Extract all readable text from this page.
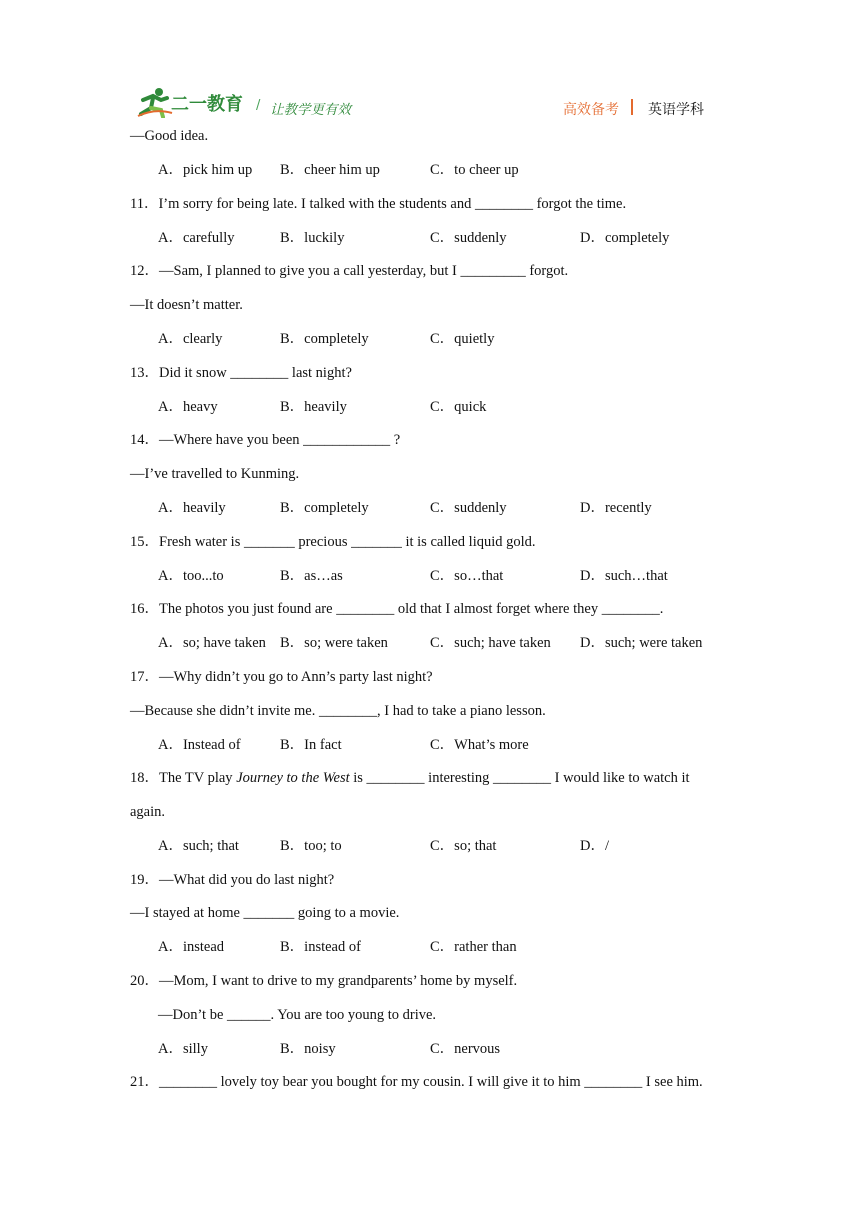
二一教育 / 让教学更有效	高效备考 英语学科
—Good idea.
A．pick him up B．cheer him up	C．to cheer up
11．I’m sorry for being late. I talked with the students and ________ forgot the time.
A．carefully	B．luckily	C．suddenly	D．completely
12．—Sam, I planned to give you a call yesterday, but I _________ forgot.
—It doesn’t matter.
A．clearly	B．completely	C．quietly
13．Did it snow ________ last night?
A．heavy	B．heavily	C．quick
14．—Where have you been ____________ ?
—I’ve travelled to Kunming.
A．heavily	B．completely	C．suddenly	D．recently
15．Fresh water is _______ precious _______ it is called liquid gold.
A．too...to	B．as…as	C．so…that	D．such…that
16．The photos you just found are ________ old that I almost forget where they ________.
A．so; have taken B．so; were taken	C．such; have taken D．such; were taken
17．—Why didn’t you go to Ann’s party last night?
—Because she didn’t invite me. ________, I had to take a piano lesson.
A．Instead of	B．In fact	C．What’s more
18．The TV play Journey to the West is ________ interesting ________ I would like to watch it
again.
A．such; that	B．too; to	C．so; that	D．/
19．—What did you do last night?
—I stayed at home _______ going to a movie.
A．instead	B．instead of	C．rather than
20．—Mom, I want to drive to my grandparents’ home by myself.
—Don’t be ______. You are too young to drive.
A．silly	B．noisy	C．nervous
21．________ lovely toy bear you bought for my cousin. I will give it to him ________ I see him.
